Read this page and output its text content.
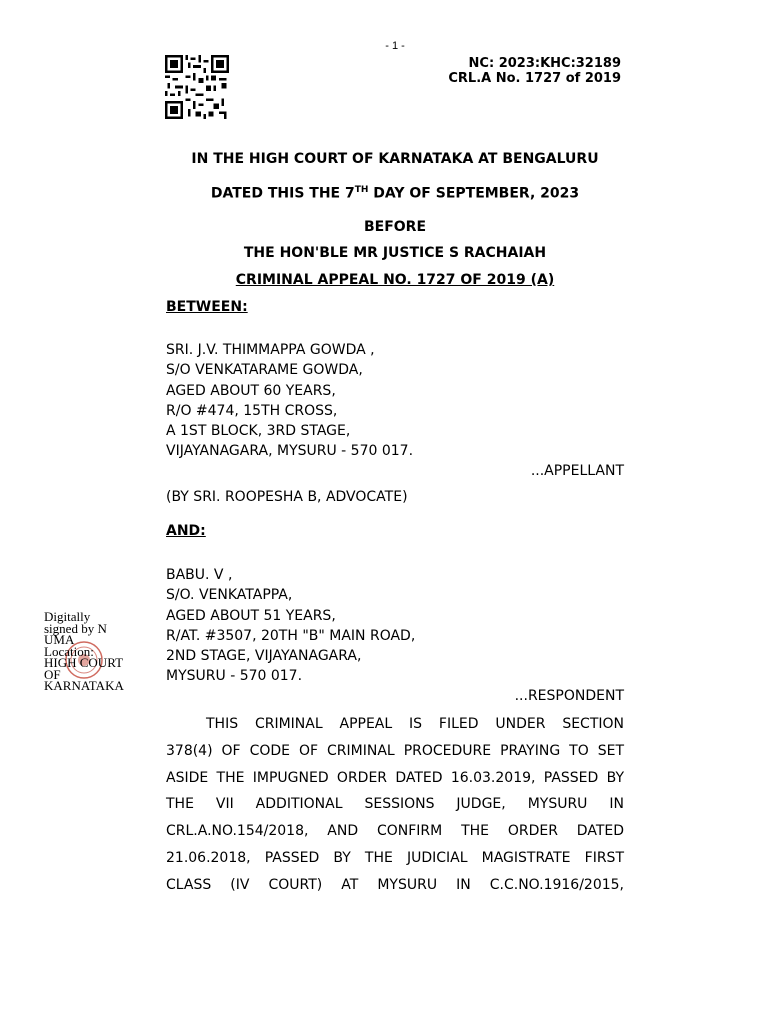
- 1 -
NC: 2023:KHC:32189
CRL.A No. 1727 of 2019
IN THE HIGH COURT OF KARNATAKA AT BENGALURU
DATED THIS THE 7TH DAY OF SEPTEMBER, 2023
BEFORE
THE HON'BLE MR JUSTICE S RACHAIAH
CRIMINAL APPEAL NO. 1727 OF 2019 (A)
BETWEEN:
SRI. J.V. THIMMAPPA GOWDA ,
S/O VENKATARAME GOWDA,
AGED ABOUT 60 YEARS,
R/O #474, 15TH CROSS,
A 1ST BLOCK, 3RD STAGE,
VIJAYANAGARA, MYSURU - 570 017.
...APPELLANT
(BY SRI. ROOPESHA B, ADVOCATE)
AND:
BABU. V ,
S/O. VENKATAPPA,
AGED ABOUT 51 YEARS,
R/AT. #3507, 20TH "B" MAIN ROAD,
2ND STAGE, VIJAYANAGARA,
MYSURU - 570 017.
...RESPONDENT
Digitally
signed by N
UMA
Location:
HIGH COURT
OF
KARNATAKA
THIS CRIMINAL APPEAL IS FILED UNDER SECTION
378(4) OF CODE OF CRIMINAL PROCEDURE PRAYING TO SET
ASIDE THE IMPUGNED ORDER DATED 16.03.2019, PASSED BY
THE VII ADDITIONAL SESSIONS JUDGE, MYSURU IN
CRL.A.NO.154/2018, AND CONFIRM THE ORDER DATED
21.06.2018, PASSED BY THE JUDICIAL MAGISTRATE FIRST
CLASS (IV COURT) AT MYSURU IN C.C.NO.1916/2015,
